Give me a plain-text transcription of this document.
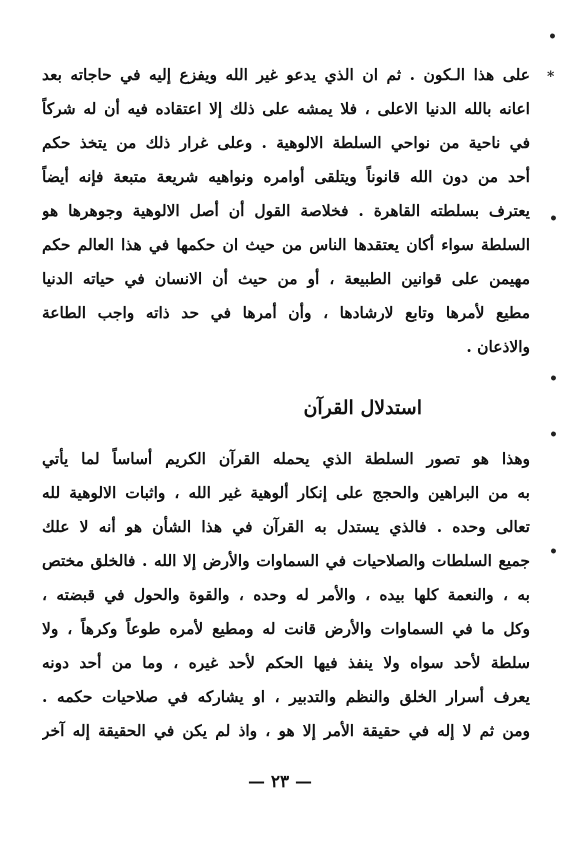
على هذا الـكون . ثم ان الذي يدعو غير الله ويفزع إليه في حاجاته بعد
اعانه بالله الدنيا الاعلى ، فلا يمشه على ذلك إلا اعتقاده فيه أن له شركاً
في ناحية من نواحي السلطة الالوهية . وعلى غرار ذلك من يتخذ حكم
أحد من دون الله قانوناً ويتلقى أوامره ونواهيه شريعة متبعة فإنه أيضاً
يعترف بسلطته القاهرة . فخلاصة القول أن أصل الالوهية وجوهرها هو
السلطة سواء أكان يعتقدها الناس من حيث ان حكمها في هذا العالم حكم
مهيمن على قوانين الطبيعة ، أو من حيث أن الانسان في حياته الدنيا
مطيع لأمرها وتابع لارشادها ، وأن أمرها في حد ذاته واجب الطاعة
والاذعان .
استدلال القرآن
وهذا هو تصور السلطة الذي يحمله القرآن الكريم أساساً لما يأتي
به من البراهين والحجج على إنكار ألوهية غير الله ، واثبات الالوهية لله
تعالى وحده . فالذي يستدل به القرآن في هذا الشأن هو أنه لا علك
جميع السلطات والصلاحيات في السماوات والأرض إلا الله . فالخلق مختص
به ، والنعمة كلها بيده ، والأمر له وحده ، والقوة والحول في قبضته ،
وكل ما في السماوات والأرض قانت له ومطيع لأمره طوعاً وكرهاً ، ولا
سلطة لأحد سواه ولا ينفذ فيها الحكم لأحد غيره ، وما من أحد دونه
يعرف أسرار الخلق والنظم والتدبير ، او يشاركه في صلاحيات حكمه .
ومن ثم لا إله في حقيقة الأمر إلا هو ، واذ لم يكن في الحقيقة إله آخر
— ٢٣ —
•
*
•
•
•
•
